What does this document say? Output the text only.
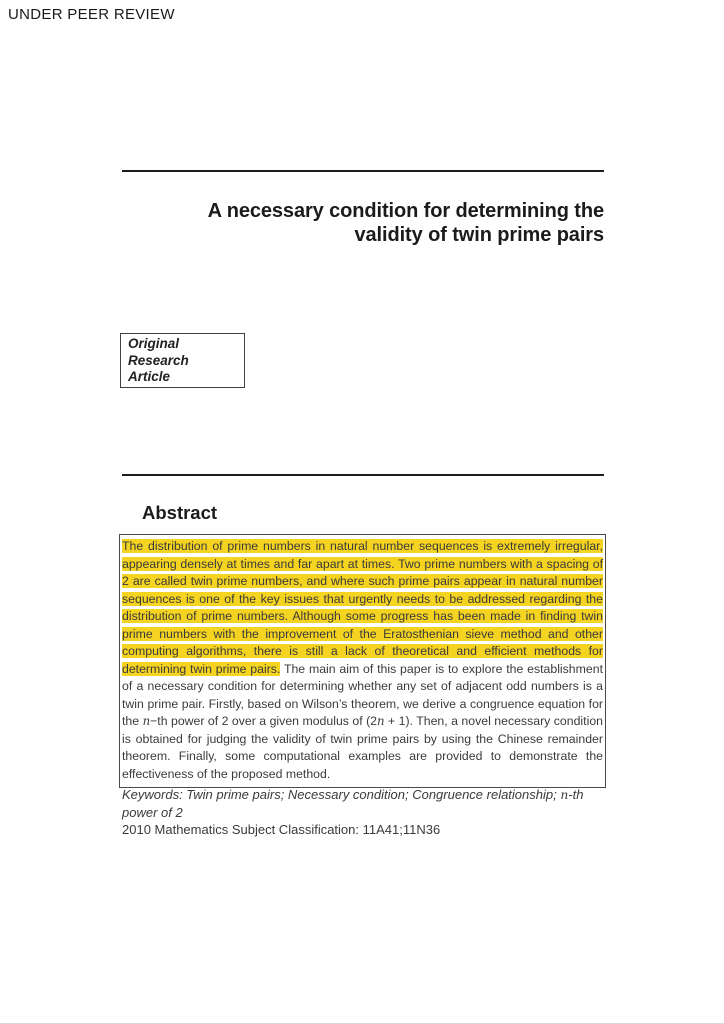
UNDER PEER REVIEW
A necessary condition for determining the
validity of twin prime pairs
Original
Research
Article
Abstract

The distribution of prime numbers in natural number sequences is extremely irregular, appearing densely at times and far apart at times. Two prime numbers with a spacing of 2 are called twin prime numbers, and where such prime pairs appear in natural number sequences is one of the key issues that urgently needs to be addressed regarding the distribution of prime numbers. Although some progress has been made in finding twin prime numbers with the improvement of the Eratosthenian sieve method and other computing algorithms, there is still a lack of theoretical and efficient methods for determining twin prime pairs. The main aim of this paper is to explore the establishment of a necessary condition for determining whether any set of adjacent odd numbers is a twin prime pair. Firstly, based on Wilson’s theorem, we derive a congruence equation for the n−th power of 2 over a given modulus of (2n + 1). Then, a novel necessary condition is obtained for judging the validity of twin prime pairs by using the Chinese remainder theorem. Finally, some computational examples are provided to demonstrate the effectiveness of the proposed method.

Keywords: Twin prime pairs; Necessary condition; Congruence relationship; n-th power of 2

2010 Mathematics Subject Classification: 11A41;11N36
